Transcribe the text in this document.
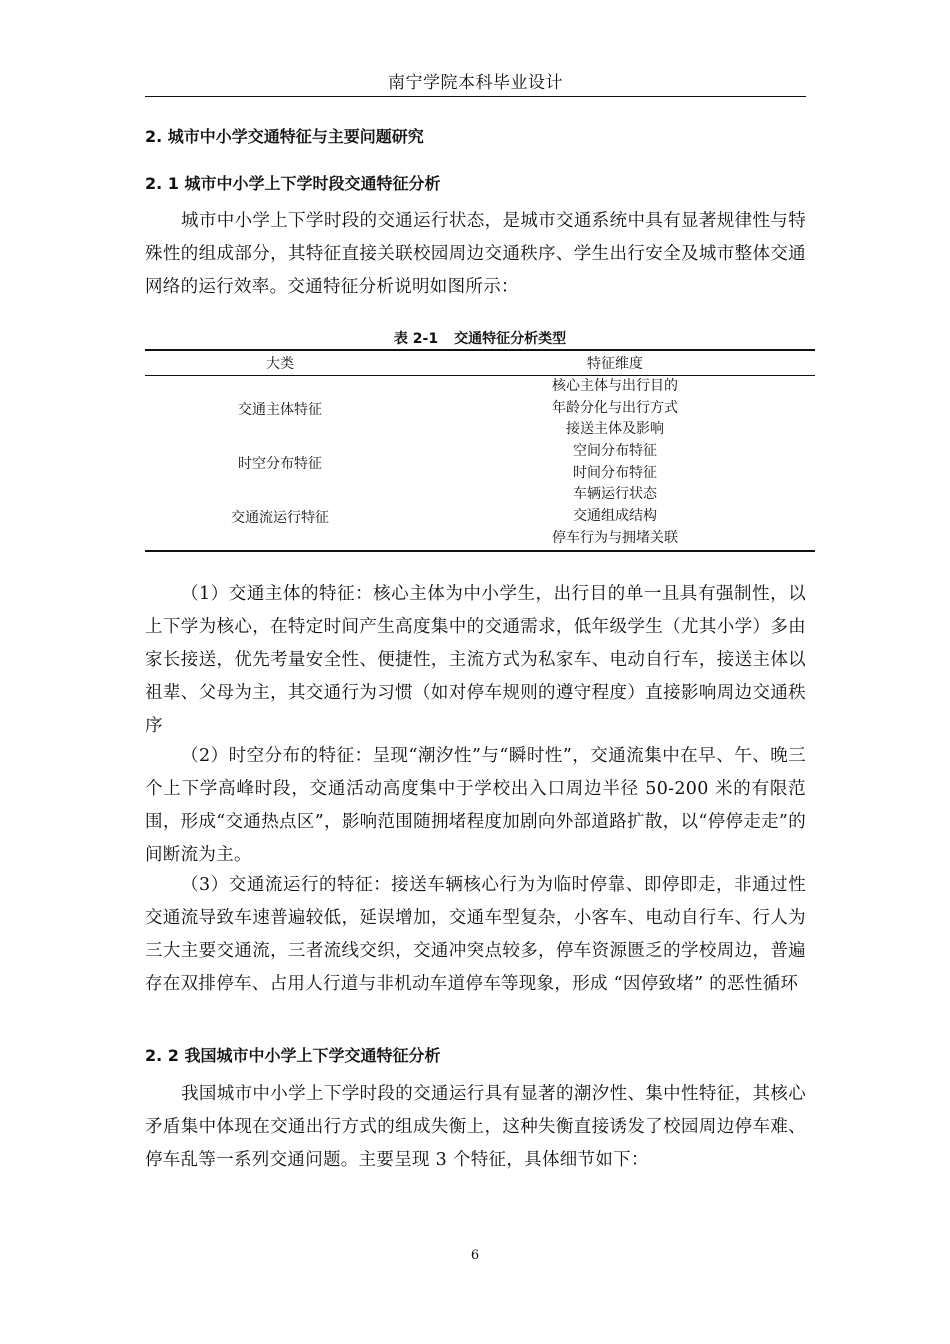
南宁学院本科毕业设计
2. 城市中小学交通特征与主要问题研究
2. 1 城市中小学上下学时段交通特征分析

城市中小学上下学时段的交通运行状态，是城市交通系统中具有显著规律性与特殊性的组成部分，其特征直接关联校园周边交通秩序、学生出行安全及城市整体交通网络的运行效率。交通特征分析说明如图所示：

表 2-1 交通特征分析类型
大类	特征维度
交通主体特征	核心主体与出行目的
年龄分化与出行方式
接送主体及影响

时空分布特征	空间分布特征
时间分布特征

交通流运行特征	车辆运行状态
交通组成结构
停车行为与拥堵关联

（1）交通主体的特征：核心主体为中小学生，出行目的单一且具有强制性，以上下学为核心，在特定时间产生高度集中的交通需求，低年级学生（尤其小学）多由家长接送，优先考量安全性、便捷性，主流方式为私家车、电动自行车，接送主体以祖辈、父母为主，其交通行为习惯（如对停车规则的遵守程度）直接影响周边交通秩序

（2）时空分布的特征：呈现“潮汐性”与“瞬时性”，交通流集中在早、午、晚三个上下学高峰时段，交通活动高度集中于学校出入口周边半径 50-200 米的有限范围，形成“交通热点区”，影响范围随拥堵程度加剧向外部道路扩散，以“停停走走”的间断流为主。

（3）交通流运行的特征：接送车辆核心行为为临时停靠、即停即走，非通过性交通流导致车速普遍较低，延误增加，交通车型复杂，小客车、电动自行车、行人为三大主要交通流，三者流线交织，交通冲突点较多，停车资源匮乏的学校周边，普遍存在双排停车、占用人行道与非机动车道停车等现象，形成 “因停致堵” 的恶性循环

2. 2 我国城市中小学上下学交通特征分析

我国城市中小学上下学时段的交通运行具有显著的潮汐性、集中性特征，其核心矛盾集中体现在交通出行方式的组成失衡上，这种失衡直接诱发了校园周边停车难、停车乱等一系列交通问题。主要呈现 3 个特征，具体细节如下：

6
